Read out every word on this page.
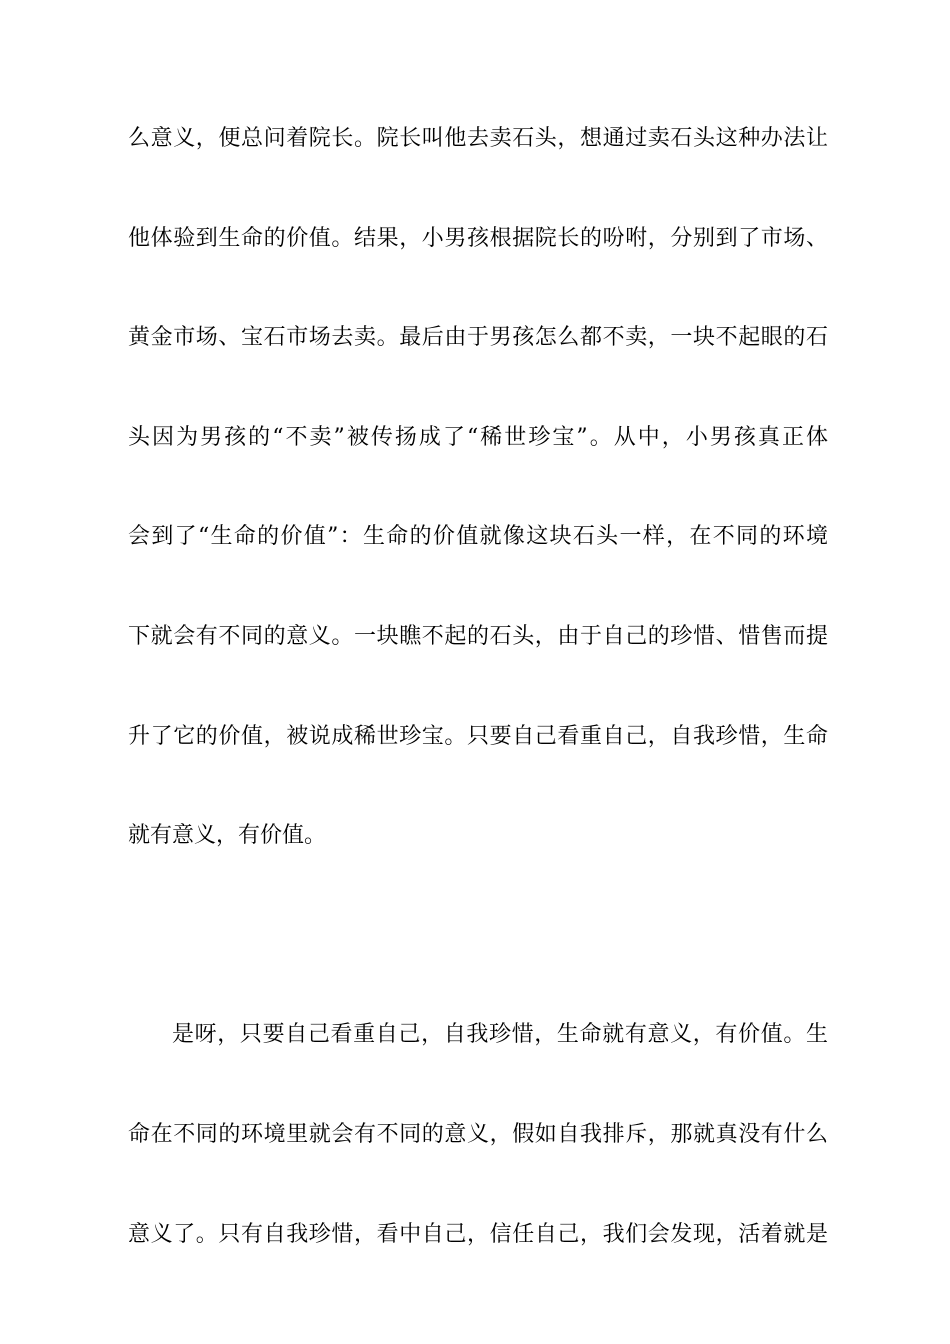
么意义，便总问着院长。院长叫他去卖石头，想通过卖石头这种办法让
他体验到生命的价值。结果，小男孩根据院长的吩咐，分别到了市场、
黄金市场、宝石市场去卖。最后由于男孩怎么都不卖，一块不起眼的石
头因为男孩的“不卖”被传扬成了“稀世珍宝”。从中，小男孩真正体
会到了“生命的价值”：生命的价值就像这块石头一样，在不同的环境
下就会有不同的意义。一块瞧不起的石头，由于自己的珍惜、惜售而提
升了它的价值，被说成稀世珍宝。只要自己看重自己，自我珍惜，生命
就有意义，有价值。
是呀，只要自己看重自己，自我珍惜，生命就有意义，有价值。生
命在不同的环境里就会有不同的意义，假如自我排斥，那就真没有什么
意义了。只有自我珍惜，看中自己，信任自己，我们会发现，活着就是
